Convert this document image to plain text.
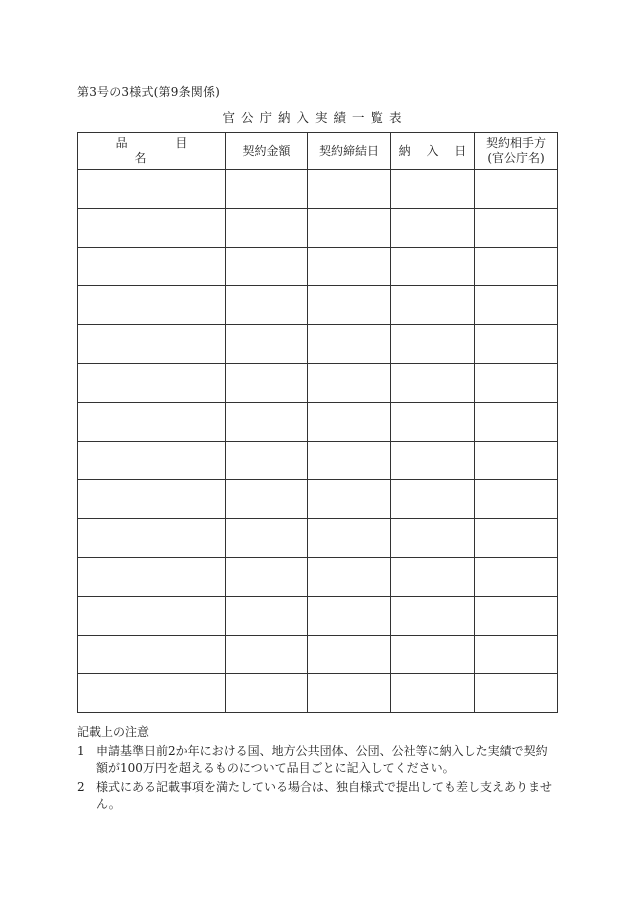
第3号の3様式(第9条関係)
官公庁納入実績一覧表
品 目 名	契約金額	契約締結日	納 入 日	契約相手方
(官公庁名)

記載上の注意
1 申請基準日前2か年における国、地方公共団体、公団、公社等に納入した実績で契約額が100万円を超えるものについて品目ごとに記入してください。
2 様式にある記載事項を満たしている場合は、独自様式で提出しても差し支えありません。
